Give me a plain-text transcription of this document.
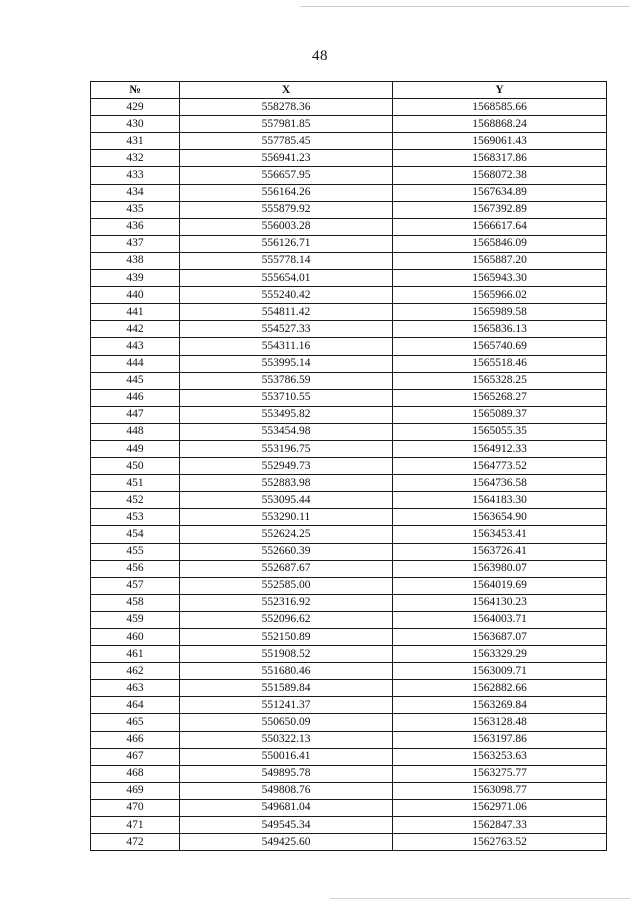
48
№	X	Y
429	558278.36	1568585.66
430	557981.85	1568868.24
431	557785.45	1569061.43
432	556941.23	1568317.86
433	556657.95	1568072.38
434	556164.26	1567634.89
435	555879.92	1567392.89
436	556003.28	1566617.64
437	556126.71	1565846.09
438	555778.14	1565887.20
439	555654.01	1565943.30
440	555240.42	1565966.02
441	554811.42	1565989.58
442	554527.33	1565836.13
443	554311.16	1565740.69
444	553995.14	1565518.46
445	553786.59	1565328.25
446	553710.55	1565268.27
447	553495.82	1565089.37
448	553454.98	1565055.35
449	553196.75	1564912.33
450	552949.73	1564773.52
451	552883.98	1564736.58
452	553095.44	1564183.30
453	553290.11	1563654.90
454	552624.25	1563453.41
455	552660.39	1563726.41
456	552687.67	1563980.07
457	552585.00	1564019.69
458	552316.92	1564130.23
459	552096.62	1564003.71
460	552150.89	1563687.07
461	551908.52	1563329.29
462	551680.46	1563009.71
463	551589.84	1562882.66
464	551241.37	1563269.84
465	550650.09	1563128.48
466	550322.13	1563197.86
467	550016.41	1563253.63
468	549895.78	1563275.77
469	549808.76	1563098.77
470	549681.04	1562971.06
471	549545.34	1562847.33
472	549425.60	1562763.52
